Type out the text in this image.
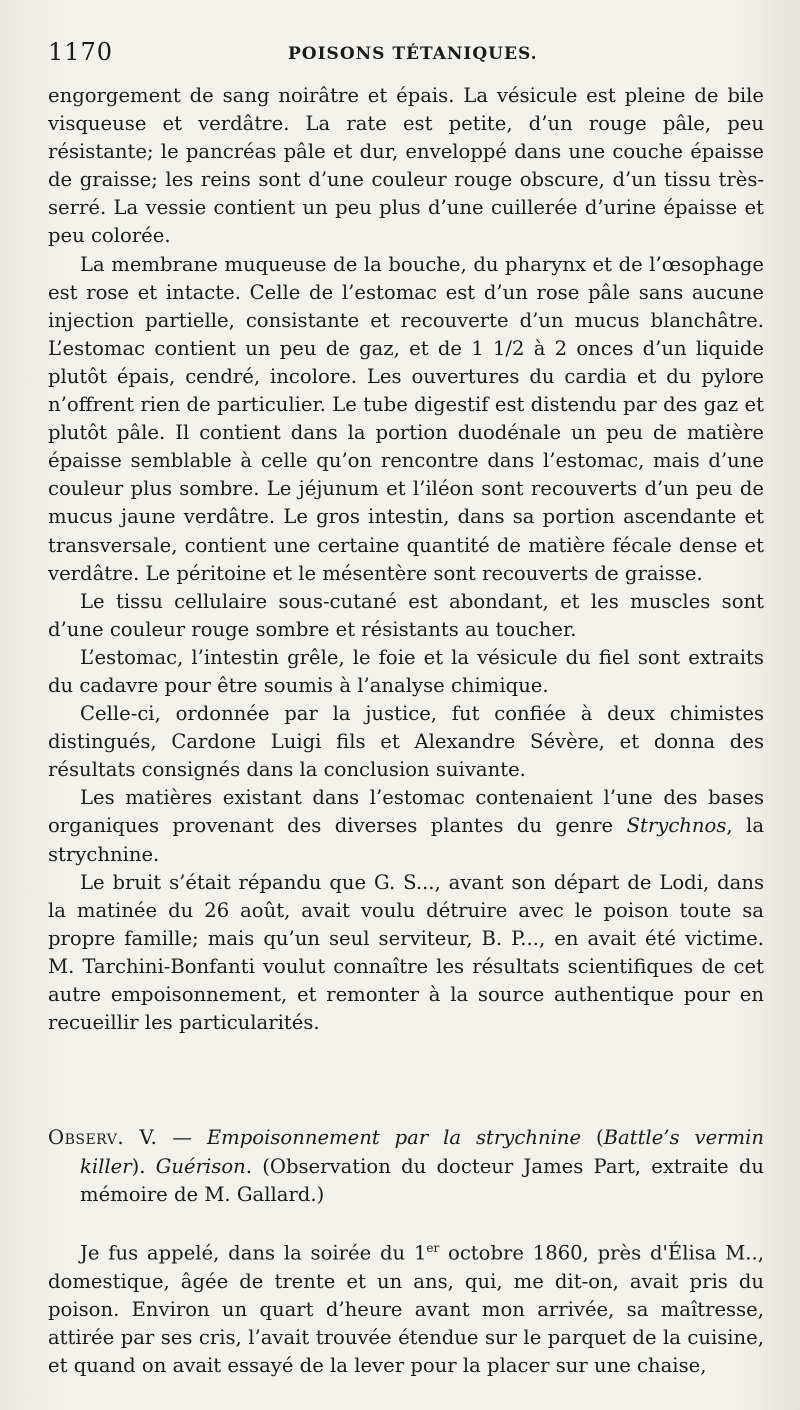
1170	POISONS TÉTANIQUES.

engorgement de sang noirâtre et épais. La vésicule est pleine de bile visqueuse et verdâtre. La rate est petite, d’un rouge pâle, peu résistante; le pancréas pâle et dur, enveloppé dans une couche épaisse de graisse; les reins sont d’une couleur rouge obscure, d’un tissu très-serré. La vessie contient un peu plus d’une cuillerée d’urine épaisse et peu colorée.

La membrane muqueuse de la bouche, du pharynx et de l’œsophage est rose et intacte. Celle de l’estomac est d’un rose pâle sans aucune injection partielle, consistante et recouverte d’un mucus blanchâtre. L’estomac contient un peu de gaz, et de 1 1/2 à 2 onces d’un liquide plutôt épais, cendré, incolore. Les ouvertures du cardia et du pylore n’offrent rien de particulier. Le tube digestif est distendu par des gaz et plutôt pâle. Il contient dans la portion duodénale un peu de matière épaisse semblable à celle qu’on rencontre dans l’estomac, mais d’une couleur plus sombre. Le jéjunum et l’iléon sont recouverts d’un peu de mucus jaune verdâtre. Le gros intestin, dans sa portion ascendante et transversale, contient une certaine quantité de matière fécale dense et verdâtre. Le péritoine et le mésentère sont recouverts de graisse.

Le tissu cellulaire sous-cutané est abondant, et les muscles sont d’une couleur rouge sombre et résistants au toucher.

L’estomac, l’intestin grêle, le foie et la vésicule du fiel sont extraits du cadavre pour être soumis à l’analyse chimique.

Celle-ci, ordonnée par la justice, fut confiée à deux chimistes distingués, Cardone Luigi fils et Alexandre Sévère, et donna des résultats consignés dans la conclusion suivante.

Les matières existant dans l’estomac contenaient l’une des bases organiques provenant des diverses plantes du genre Strychnos, la strychnine.

Le bruit s’était répandu que G. S..., avant son départ de Lodi, dans la matinée du 26 août, avait voulu détruire avec le poison toute sa propre famille; mais qu’un seul serviteur, B. P..., en avait été victime. M. Tarchini-Bonfanti voulut connaître les résultats scientifiques de cet autre empoisonnement, et remonter à la source authentique pour en recueillir les particularités.

Observ. V. — Empoisonnement par la strychnine (Battle’s vermin killer). Guérison. (Observation du docteur James Part, extraite du mémoire de M. Gallard.)
Je fus appelé, dans la soirée du 1er octobre 1860, près d'Élisa M.., domestique, âgée de trente et un ans, qui, me dit-on, avait pris du poison. Environ un quart d’heure avant mon arrivée, sa maîtresse, attirée par ses cris, l’avait trouvée étendue sur le parquet de la cuisine, et quand on avait essayé de la lever pour la placer sur une chaise,
